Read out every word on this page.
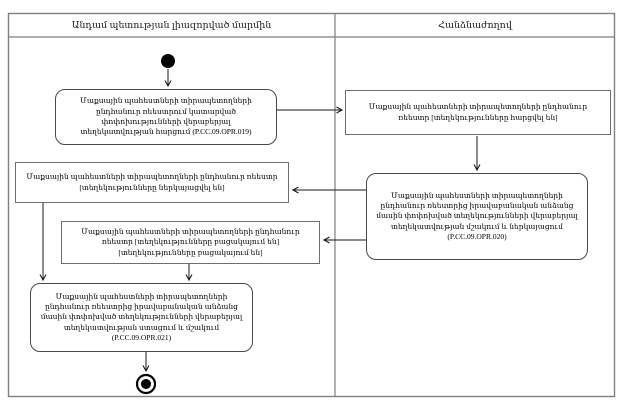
Անդամ պետության լիազորված մարմին	Հանձնաժողով
Մաքսային պահեստների տիրապետողների ընդհանուր ռեեստրում կատարված փոփոխությունների վերաբերյալ տեղեկատվության հարցում (P.CC.09.OPR.019)
Մաքսային պահեստների տիրապետողների ընդհանուր ռեեստր [տեղեկությունները հարցվել են]
Մաքսային պահեստների տիրապետողների ընդհանուր ռեեստրից իրավաբանական անձանց մասին փոփոխված տեղեկությունների վերաբերյալ տեղեկատվության մշակում և ներկայացում (P.CC.09.OPR.020)
Մաքսային պահեստների տիրապետողների ընդհանուր ռեեստր [տեղեկությունները ներկայացվել են]
Մաքսային պահեստների տիրապետողների ընդհանուր ռեեստր [տեղեկությունները բացակայում են] [տեղեկությունները բացակայում են]
Մաքսային պահեստների տիրապետողների ընդհանուր ռեեստրից իրավաբանական անձանց մասին փոփոխված տեղեկությունների վերաբերյալ տեղեկատվության ստացում և մշակում (P.CC.09.OPR.021)
